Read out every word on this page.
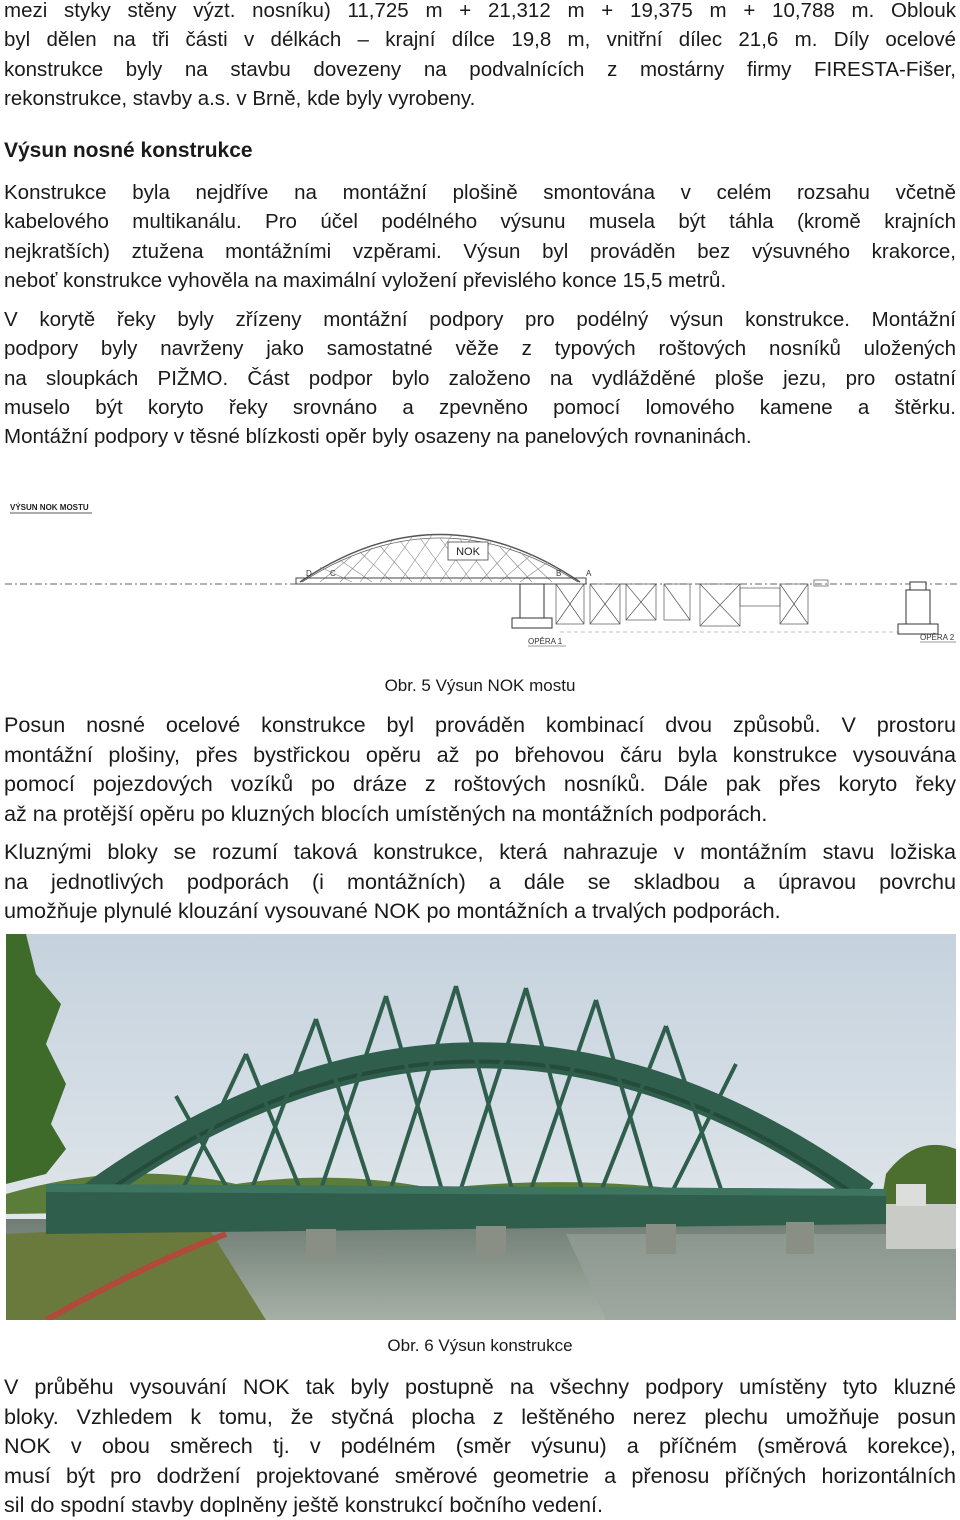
mezi styky stěny výzt. nosníku) 11,725 m + 21,312 m + 19,375 m + 10,788 m. Oblouk
byl dělen na tři části v délkách – krajní dílce 19,8 m, vnitřní dílec 21,6 m. Díly ocelové
konstrukce byly na stavbu dovezeny na podvalnících z mostárny firmy FIRESTA-Fišer,
rekonstrukce, stavby a.s. v Brně, kde byly vyrobeny.
Výsun nosné konstrukce
Konstrukce byla nejdříve na montážní plošině smontována v celém rozsahu včetně
kabelového multikanálu. Pro účel podélného výsunu musela být táhla (kromě krajních
nejkratších) ztužena montážními vzpěrami. Výsun byl prováděn bez výsuvného krakorce,
neboť konstrukce vyhověla na maximální vyložení převislého konce 15,5 metrů.
V korytě řeky byly zřízeny montážní podpory pro podélný výsun konstrukce. Montážní
podpory byly navrženy jako samostatné věže z typových roštových nosníků uložených
na sloupkách PIŽMO. Část podpor bylo založeno na vydlážděné ploše jezu, pro ostatní
muselo být koryto řeky srovnáno a zpevněno pomocí lomového kamene a štěrku.
Montážní podpory v těsné blízkosti opěr byly osazeny na panelových rovnaninách.
VÝSUN NOK MOSTU
NOK
D C	B	A
OPĚRA 1	OPĚRA 2
Obr. 5 Výsun NOK mostu
Posun nosné ocelové konstrukce byl prováděn kombinací dvou způsobů. V prostoru
montážní plošiny, přes bystřickou opěru až po břehovou čáru byla konstrukce vysouvána
pomocí pojezdových vozíků po dráze z roštových nosníků. Dále pak přes koryto řeky
až na protější opěru po kluzných blocích umístěných na montážních podporách.
Kluznými bloky se rozumí taková konstrukce, která nahrazuje v montážním stavu ložiska
na jednotlivých podporách (i montážních) a dále se skladbou a úpravou povrchu
umožňuje plynulé klouzání vysouvané NOK po montážních a trvalých podporách.
Obr. 6 Výsun konstrukce
V průběhu vysouvání NOK tak byly postupně na všechny podpory umístěny tyto kluzné
bloky. Vzhledem k tomu, že styčná plocha z leštěného nerez plechu umožňuje posun
NOK v obou směrech tj. v podélném (směr výsunu) a příčném (směrová korekce),
musí být pro dodržení projektované směrové geometrie a přenosu příčných horizontálních
sil do spodní stavby doplněny ještě konstrukcí bočního vedení.
